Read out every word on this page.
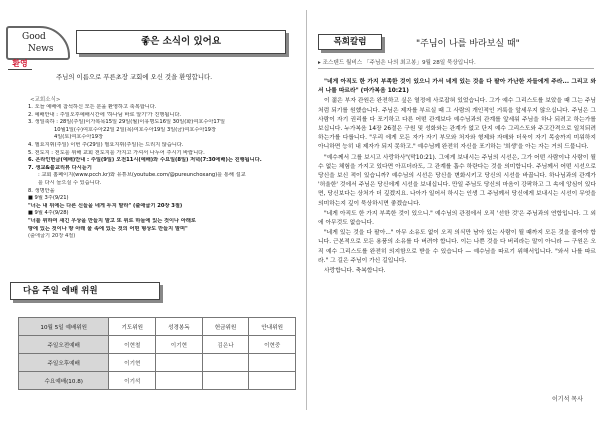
Good
News
좋은 소식이 있어요
환영
주님의 이름으로 푸른초장 교회에 오신 것을 환영합니다.
<교회소식>
1. 오늘 예배에 참석하신 모든 분을 환영하고 축복합니다.
2. 예배안내 : 주일오후예배시간에 '하나님 바로 알기'가 진행됩니다.
3. 생일축하 : 28일(주일)이가복목15일 29일(월)이유명도16일 30일(화)여호수아17일
10월1일(수)여호수아22일 2일(목)여호수아19일 3일(금)여호수아19장
4일(토)여호수아19장
4. 필요지휘(주일) 이번 주(29일) 필요지휘(주일)는 드리지 않습니다.
5. 전도지 : 전도를 위해 교회 전도지를 가지고 가셔서 나누어 주시기 바랍니다.
6. 온라인헌금(예배)안내 : 주일(9일) 오전11시(예배)와 수요일(8일) 저녁(7:30에배)는 진행됩니다.
7. 생교&블교리뷰 다시듣기
: 교회 홈페이지(www.pcch.kr)와 유튜브(youtube.com/@pureunchoxang)를 통해 설교
를 다시 들으실 수 있습니다.
8. 생명안을
■ 9월 3주(9/21)
"너는 내 뒤에는 다른 신들을 네게 두지 말라" (출애굽기 20장 3절)
■ 9월 4주(9/28)
"너를 위하여 새긴 우상을 만들지 말고 또 위로 하늘에 있는 것이나 아래로
땅에 있는 것이나 땅 아래 물 속에 있는 것의 어떤 형상도 만들지 말며"
(출애굽기 20장 4절)
다음 주일 예배 위원
10월 5일 예배위원	기도위원	성경봉독	헌금위원	안내위원
주일오전예배	이현철	이기현	김은나	이현중
주일오후예배	이기현			
수요예배(10.8)	이기석			
목회칼럼	"주님이 나를 바라보실 때"
▸ 조스텐드 월비스 「주님은 나의 최고봉」9월 28일 묵상입니다.

"네게 아직도 한 가지 부족한 것이 있으니 가서 네게 있는 것을 다 팔아 가난한 자들에게 주라... 그리고 와서 나를 따르라" (마가복음 10:21)

이 젊은 부자 관원은 완전하고 싶은 열정에 사로잡혀 있었습니다. 그가 예수 그리스도를 보았을 때 그는 주님처럼 되기를 원했습니다. 주님은 제자를 부르실 때 그 사람의 개인적인 거룩을 앞세우지 않으십니다. 주님은 그 사람이 자기 권리를 다 포기하고 다른 어떤 관계보다 예수님과의 관계를 앞세워 주님을 하나 되려고 하는가를 보십니다. 누가복음 14장 26절은 구원 및 성화와는 관계가 없고 단지 예수 그리스도와 주고간격으로 일치되려 하는가를 다룹니다. "우리 에게 모든 자가 자기 부모와 처자와 형제와 자매와 더욱이 자기 목숨까지 미워하지 아니하면 능히 내 제자가 되지 못하고." 예수님께 완전히 자신을 포기하는 '희생'을 아는 자는 거의 드뭅니다.

"예수께서 그를 보시고 사랑하사"(막10:21). 그에게 보내시는 주님의 시선은, 그가 어떤 사람이냐 사람이 될 수 없는 체험을 가지고 있다면 아프더라도, 그 관계를 흡수 하란다는 것을 의미합니다. 주님께서 어떤 시선으로 당신을 보신 적이 있습니까? 예수님의 시선은 당신을 변화시키고 당신의 시선을 바꿉니다. 하나님과의 관계가 '허울한' 것에서 주님은 당신에게 시선을 보내십니다. 만일 주님도 당신의 마음이 강팍하고 그 속에 앙심이 있다면, 당신보다는 상처가 더 깊겠지요. 나아가 일어서 하시는 인생 그 주님께서 당신에게 보내시는 시선이 무엇을 의미하는지 깊이 묵상하시면 좋겠습니다.

"네게 아직도 한 가지 부족한 것이 있으니." 예수님의 관점에서 오직 '선한 것'은 주님과의 연합입니다. 그 외에 아무것도 없습니다.

"네게 있는 것을 다 팔아..." 아무 소유도 없이 오직 의식만 남아 있는 사람이 될 때까지 모든 것을 줄여야 합니다. 근본적으로 모든 용품의 소유를 다 버려야 합니다. 이는 나쁜 것을 다 버리라는 말이 아니라 — 구원은 오직 예수 그리스도를 완전히 의지함으로 받을 수 있습니다 — 예수님을 따르기 위해서입니다. "와서 나를 따르라." 그 길은 주님이 가신 길입니다.

사랑합니다. 축복합니다.

이기석 목사
